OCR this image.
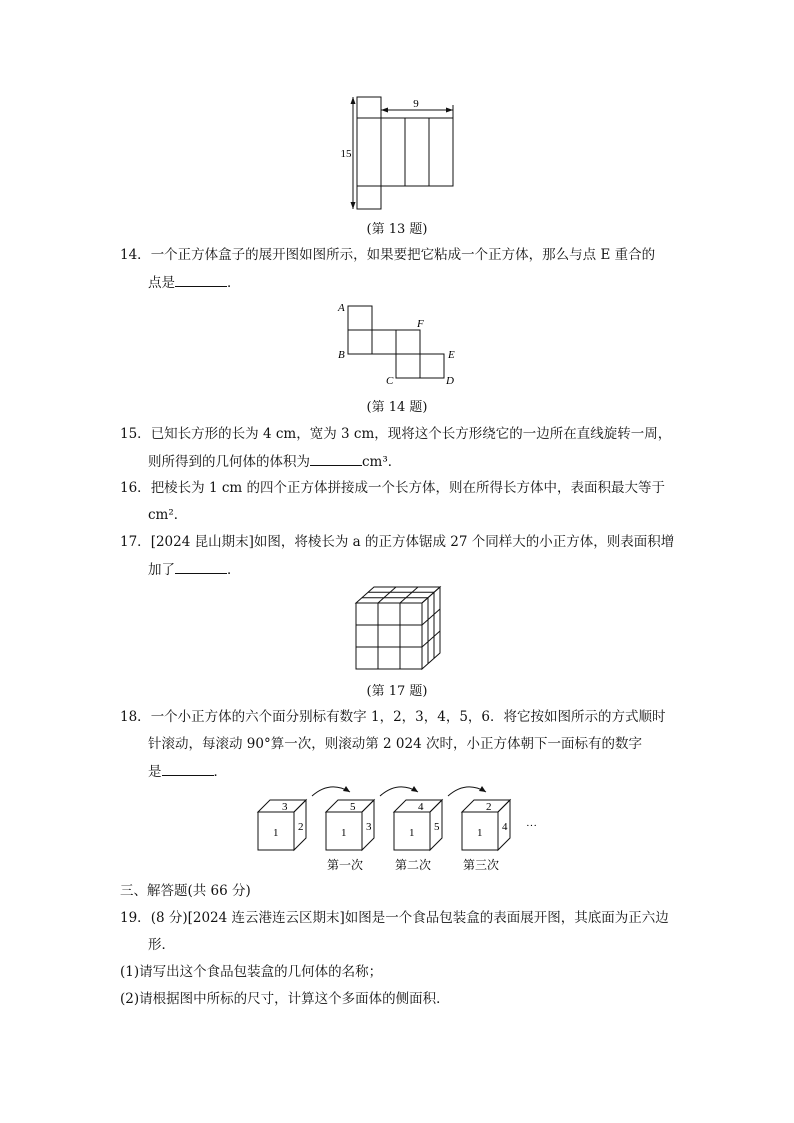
9
15
(第 13 题)
14．一个正方体盒子的展开图如图所示，如果要把它粘成一个正方体，那么与点 E 重合的
点是	．
A
B
F
E
C	D
(第 14 题)
15．已知长方形的长为 4 cm，宽为 3 cm，现将这个长方形绕它的一边所在直线旋转一周，
则所得到的几何体的体积为	cm³．
16．把棱长为 1 cm 的四个正方体拼接成一个长方体，则在所得长方体中，表面积最大等于
cm²．
17．[2024 昆山期末]如图，将棱长为 a 的正方体锯成 27 个同样大的小正方体，则表面积增
加了	．
(第 17 题)
18．一个小正方体的六个面分别标有数字 1，2，3，4，5，6．将它按如图所示的方式顺时
针滚动，每滚动 90°算一次，则滚动第 2 024 次时，小正方体朝下一面标有的数字
是	．
3
1 2
5
1 3
4
1 5
2
1 4 ···
第一次	第二次	第三次
三、解答题(共 66 分)
19．(8 分)[2024 连云港连云区期末]如图是一个食品包装盒的表面展开图，其底面为正六边
形．
(1)请写出这个食品包装盒的几何体的名称；
(2)请根据图中所标的尺寸，计算这个多面体的侧面积．
